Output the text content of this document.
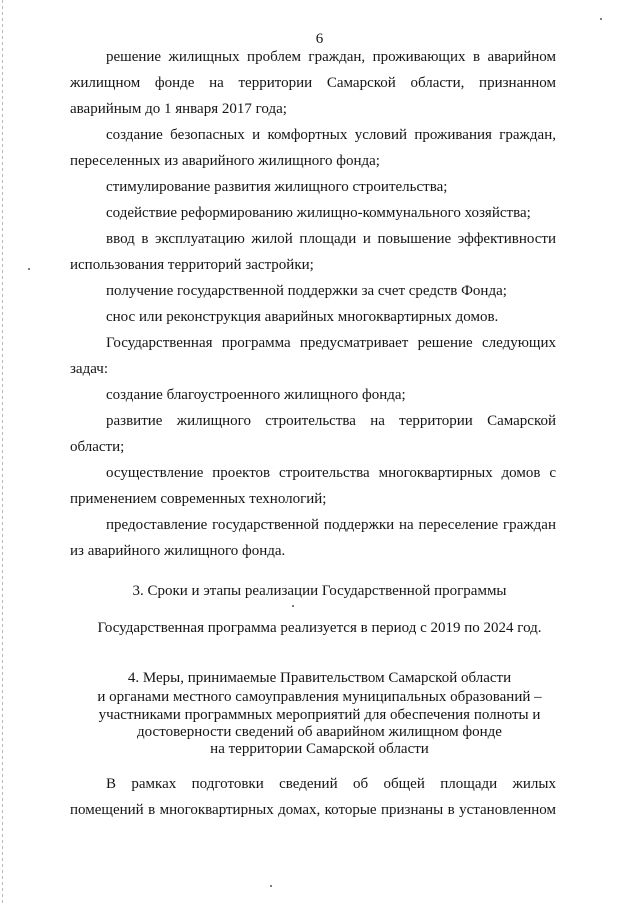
6
решение жилищных проблем граждан, проживающих в аварийном
жилищном фонде на территории Самарской области, признанном
аварийным до 1 января 2017 года;
создание безопасных и комфортных условий проживания граждан,
переселенных из аварийного жилищного фонда;
стимулирование развития жилищного строительства;
содействие реформированию жилищно-коммунального хозяйства;
ввод в эксплуатацию жилой площади и повышение эффективности
использования территорий застройки;
получение государственной поддержки за счет средств Фонда;
снос или реконструкция аварийных многоквартирных домов.
Государственная программа предусматривает решение следующих
задач:
создание благоустроенного жилищного фонда;
развитие жилищного строительства на территории Самарской
области;
осуществление проектов строительства многоквартирных домов с
применением современных технологий;
предоставление государственной поддержки на переселение граждан
из аварийного жилищного фонда.
3. Сроки и этапы реализации Государственной программы
Государственная программа реализуется в период с 2019 по 2024 год.
4. Меры, принимаемые Правительством Самарской области
и органами местного самоуправления муниципальных образований –
участниками программных мероприятий для обеспечения полноты и
достоверности сведений об аварийном жилищном фонде
на территории Самарской области
В рамках подготовки сведений об общей площади жилых
помещений в многоквартирных домах, которые признаны в установленном
